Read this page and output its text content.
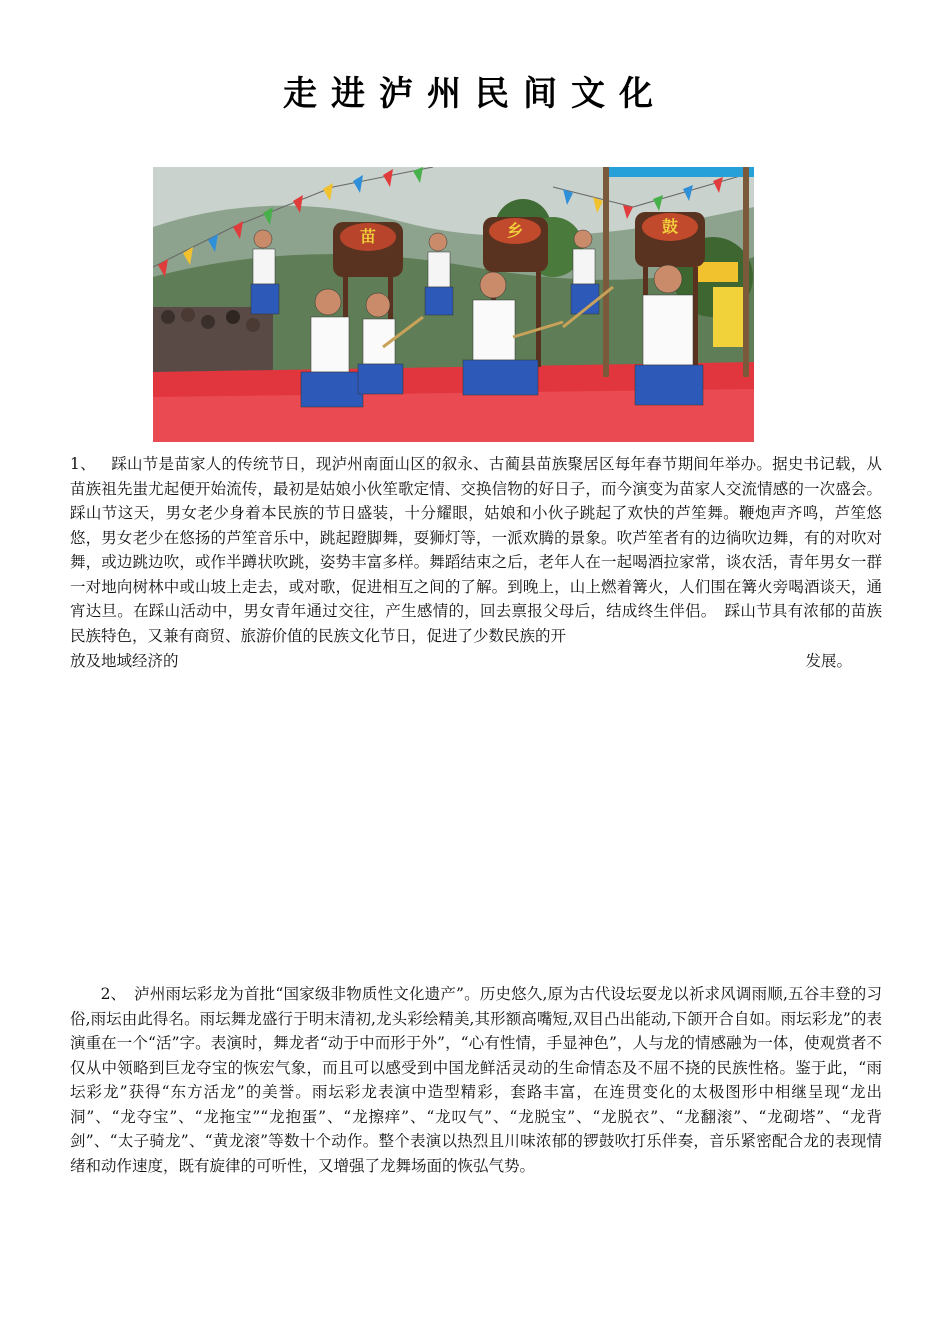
走进泸州民间文化
苗	乡	鼓

1、 踩山节是苗家人的传统节日，现泸州南面山区的叙永、古蔺县苗族聚居区每年春节期间年举办。据史书记载，从苗族祖先蚩尤起便开始流传，最初是姑娘小伙笙歌定情、交换信物的好日子，而今演变为苗家人交流情感的一次盛会。踩山节这天，男女老少身着本民族的节日盛装，十分耀眼，姑娘和小伙子跳起了欢快的芦笙舞。鞭炮声齐鸣，芦笙悠悠，男女老少在悠扬的芦笙音乐中，跳起蹬脚舞，耍狮灯等，一派欢腾的景象。吹芦笙者有的边徜吹边舞，有的对吹对舞，或边跳边吹，或作半蹲状吹跳，姿势丰富多样。舞蹈结束之后，老年人在一起喝酒拉家常，谈农活，青年男女一群一对地向树林中或山坡上走去，或对歌，促进相互之间的了解。到晚上，山上燃着篝火，人们围在篝火旁喝酒谈天，通宵达旦。在踩山活动中，男女青年通过交往，产生感情的，回去禀报父母后，结成终生伴侣。　踩山节具有浓郁的苗族民族特色，又兼有商贸、旅游价值的民族文化节日，促进了少数民族的开

放及地域经济的	发展。

2、 泸州雨坛彩龙为首批“国家级非物质性文化遗产”。历史悠久,原为古代设坛耍龙以祈求风调雨顺,五谷丰登的习俗,雨坛由此得名。雨坛舞龙盛行于明末清初,龙头彩绘精美,其形额高嘴短,双目凸出能动,下颌开合自如。雨坛彩龙”的表演重在一个“活”字。表演时，舞龙者“动于中而形于外”，“心有性情，手显神色”，人与龙的情感融为一体，使观赏者不仅从中领略到巨龙夺宝的恢宏气象，而且可以感受到中国龙鲜活灵动的生命情态及不屈不挠的民族性格。鉴于此，“雨坛彩龙”获得“东方活龙”的美誉。雨坛彩龙表演中造型精彩，套路丰富，在连贯变化的太极图形中相继呈现“龙出洞”、“龙夺宝”、“龙拖宝”“龙抱蛋”、“龙擦痒”、“龙叹气”、“龙脱宝”、“龙脱衣”、“龙翻滚”、“龙砌塔”、“龙背剑”、“太子骑龙”、“黄龙滚”等数十个动作。整个表演以热烈且川味浓郁的锣鼓吹打乐伴奏，音乐紧密配合龙的表现情绪和动作速度，既有旋律的可听性，又增强了龙舞场面的恢弘气势。
